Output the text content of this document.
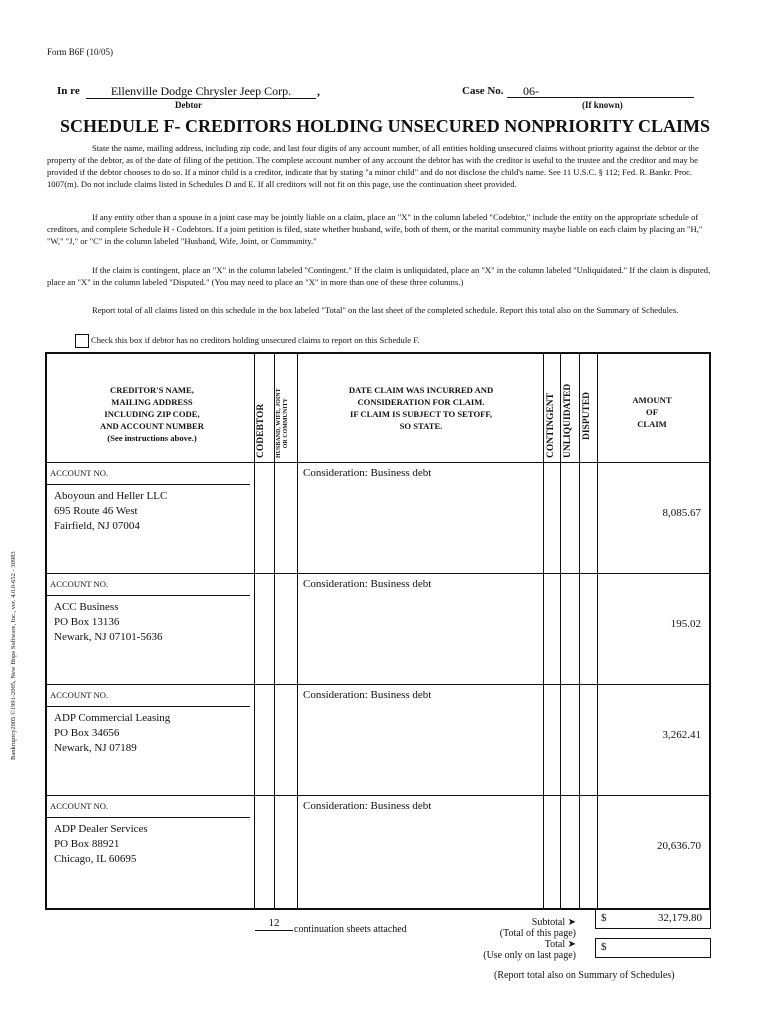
Form B6F (10/05)
In re	Ellenville Dodge Chrysler Jeep Corp.	,
Debtor
Case No.	06-
(If known)
SCHEDULE F- CREDITORS HOLDING UNSECURED NONPRIORITY CLAIMS
State the name, mailing address, including zip code, and last four digits of any account number, of all entities holding unsecured claims without priority against the debtor or the property of the debtor, as of the date of filing of the petition. The complete account number of any account the debtor has with the creditor is useful to the trustee and the creditor and may be provided if the debtor chooses to do so. If a minor child is a creditor, indicate that by stating "a minor child" and do not disclose the child's name. See 11 U.S.C. § 112; Fed. R. Bankr. Proc. 1007(m). Do not include claims listed in Schedules D and E. If all creditors will not fit on this page, use the continuation sheet provided.
If any entity other than a spouse in a joint case may be jointly liable on a claim, place an "X" in the column labeled "Codebtor," include the entity on the appropriate schedule of creditors, and complete Schedule H - Codebtors. If a joint petition is filed, state whether husband, wife, both of them, or the marital community maybe liable on each claim by placing an "H," "W," "J," or "C" in the column labeled "Husband, Wife, Joint, or Community."
If the claim is contingent, place an "X" in the column labeled "Contingent." If the claim is unliquidated, place an "X" in the column labeled "Unliquidated." If the claim is disputed, place an "X" in the column labeled "Disputed." (You may need to place an "X" in more than one of these three columns.)
Report total of all claims listed on this schedule in the box labeled "Total" on the last sheet of the completed schedule. Report this total also on the Summary of Schedules.
Check this box if debtor has no creditors holding unsecured claims to report on this Schedule F.
Bankruptcy2005 ©1991-2005, New Hope Software, Inc., ver. 4.0.0-652 - 30983
CREDITOR'S NAME,
MAILING ADDRESS
INCLUDING ZIP CODE,
AND ACCOUNT NUMBER
(See instructions above.)	CODEBTOR HUSBAND, WIFE, JOINT OR COMMUNITY
DATE CLAIM WAS INCURRED AND
CONSIDERATION FOR CLAIM.
IF CLAIM IS SUBJECT TO SETOFF,
SO STATE.	CONTINGENT UNLIQUIDATED DISPUTED	AMOUNT
OF
CLAIM
ACCOUNT NO.
Aboyoun and Heller LLC
695 Route 46 West
Fairfield, NJ 07004
Consideration: Business debt
8,085.67
ACCOUNT NO.
ACC Business
PO Box 13136
Newark, NJ 07101-5636
Consideration: Business debt
195.02
ACCOUNT NO.
ADP Commercial Leasing
PO Box 34656
Newark, NJ 07189
Consideration: Business debt
3,262.41
ACCOUNT NO.
ADP Dealer Services
PO Box 88921
Chicago, IL 60695
Consideration: Business debt
20,636.70
12
continuation sheets attached
Subtotal ➤
(Total of this page)
Total ➤
(Use only on last page)
$	32,179.80
$
(Report total also on Summary of Schedules)
